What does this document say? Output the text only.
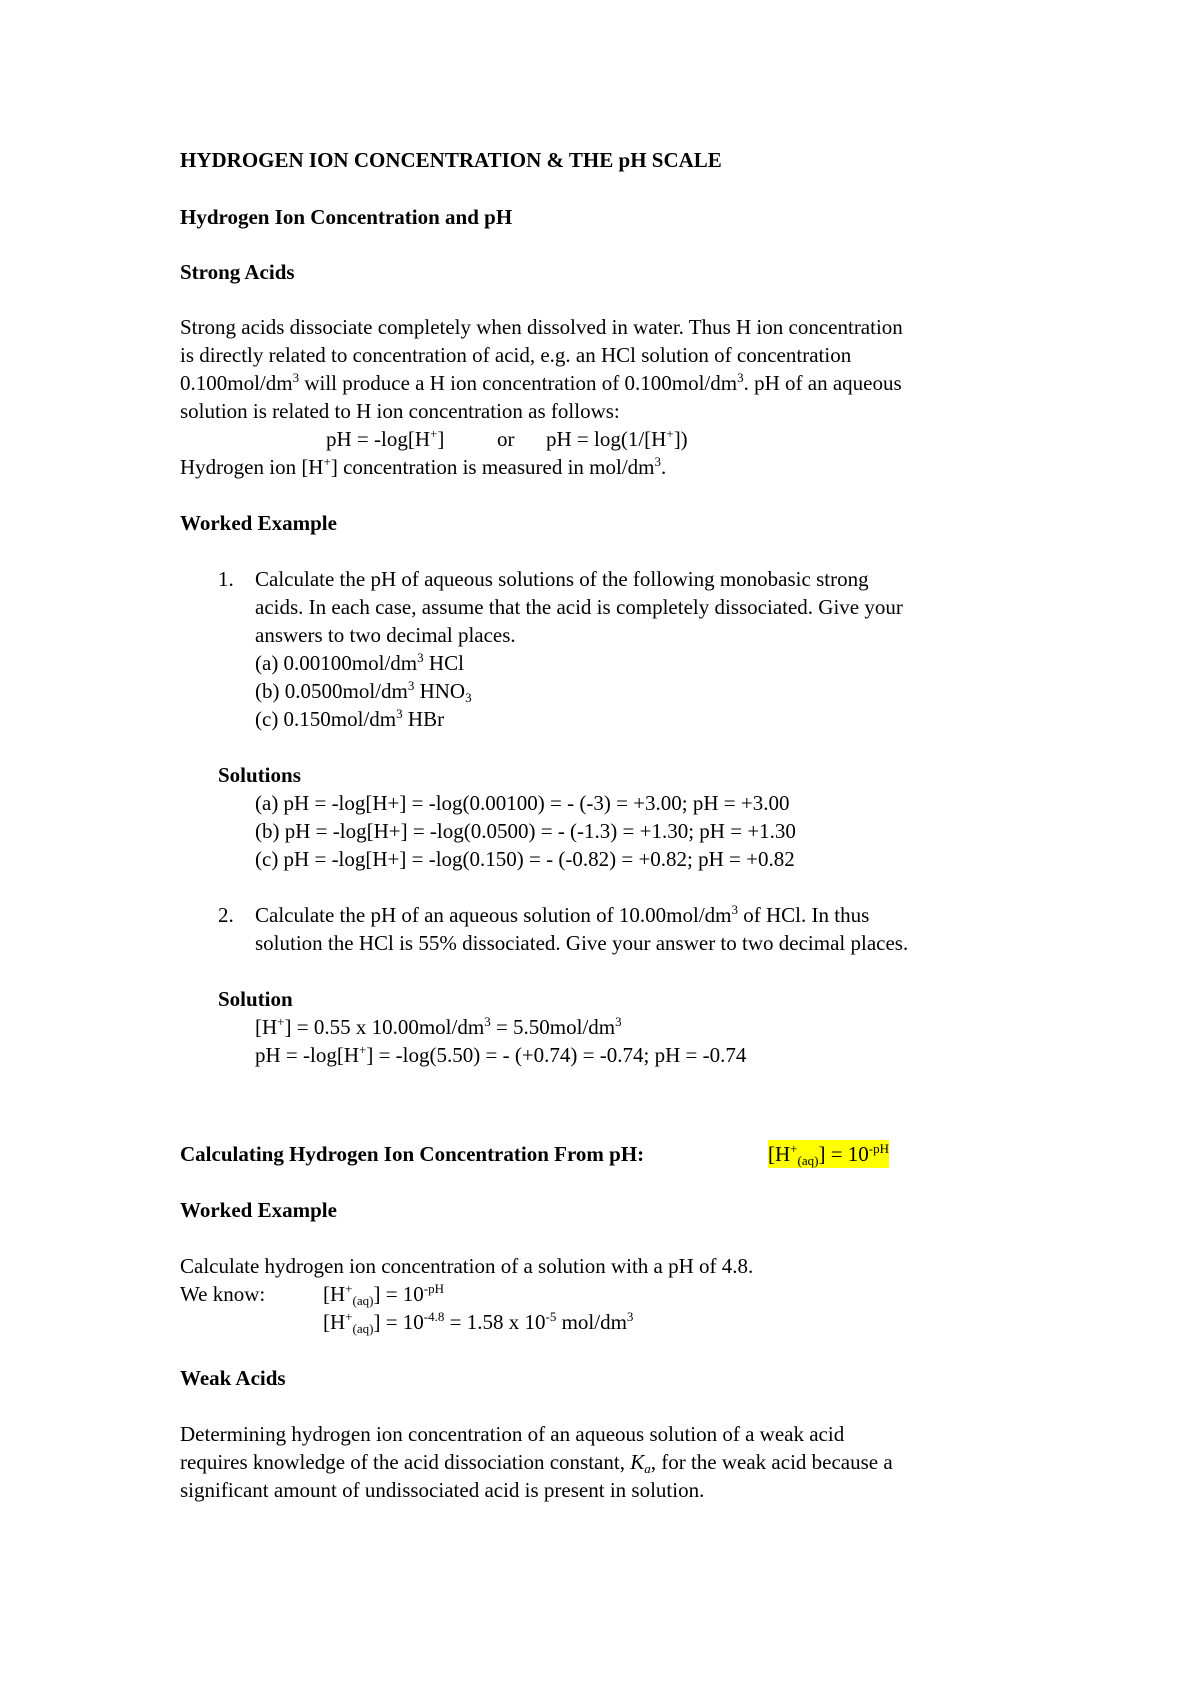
HYDROGEN ION CONCENTRATION & THE pH SCALE
Hydrogen Ion Concentration and pH
Strong Acids
Strong acids dissociate completely when dissolved in water. Thus H ion concentration
is directly related to concentration of acid, e.g. an HCl solution of concentration
$0.100mol/dm^3$ will produce a H ion concentration of $0.100mol/dm^3$. pH of an aqueous
solution is related to H ion concentration as follows:
pH = -log[H+]	or pH = log(1/[H+])
Hydrogen ion [H+] concentration is measured in mol/$dm^3$.
Worked Example
1. Calculate the pH of aqueous solutions of the following monobasic strong
acids. In each case, assume that the acid is completely dissociated. Give your
answers to two decimal places.
(a) $0.00100mol/dm^3$ HCl
(b) $0.0500mol/dm^3$ $HNO_3$
(c) $0.150mol/dm^3$ HBr
Solutions
(a) pH = -log[H+] = -log(0.00100) = - (-3) = +3.00; pH = +3.00
(b) pH = -log[H+] = -log(0.0500) = - (-1.3) = +1.30; pH = +1.30
(c) pH = -log[H+] = -log(0.150) = - (-0.82) = +0.82; pH = +0.82
2. Calculate the pH of an aqueous solution of $10.00mol/dm^3$ of HCl. In thus
solution the HCl is 55% dissociated. Give your answer to two decimal places.
Solution
[H+] = 0.55 x $10.00mol/dm^3 = 5.50mol/dm^3$
pH = -log[H+] = -log(5.50) = - (+0.74) = -0.74; pH = -0.74
Calculating Hydrogen Ion Concentration From pH:	$[H^+_{(aq)}] = 10^{-pH}$
Worked Example
Calculate hydrogen ion concentration of a solution with a pH of 4.8.
We know:	$[H^+_{(aq)}] = 10^{-pH}$
$[H^+_{(aq)}] = 10^{-4.8} = 1.58$ x $10^{-5}$ mol/$dm^3$
Weak Acids
Determining hydrogen ion concentration of an aqueous solution of a weak acid
requires knowledge of the acid dissociation constant, $K_a$, for the weak acid because a
significant amount of undissociated acid is present in solution.
